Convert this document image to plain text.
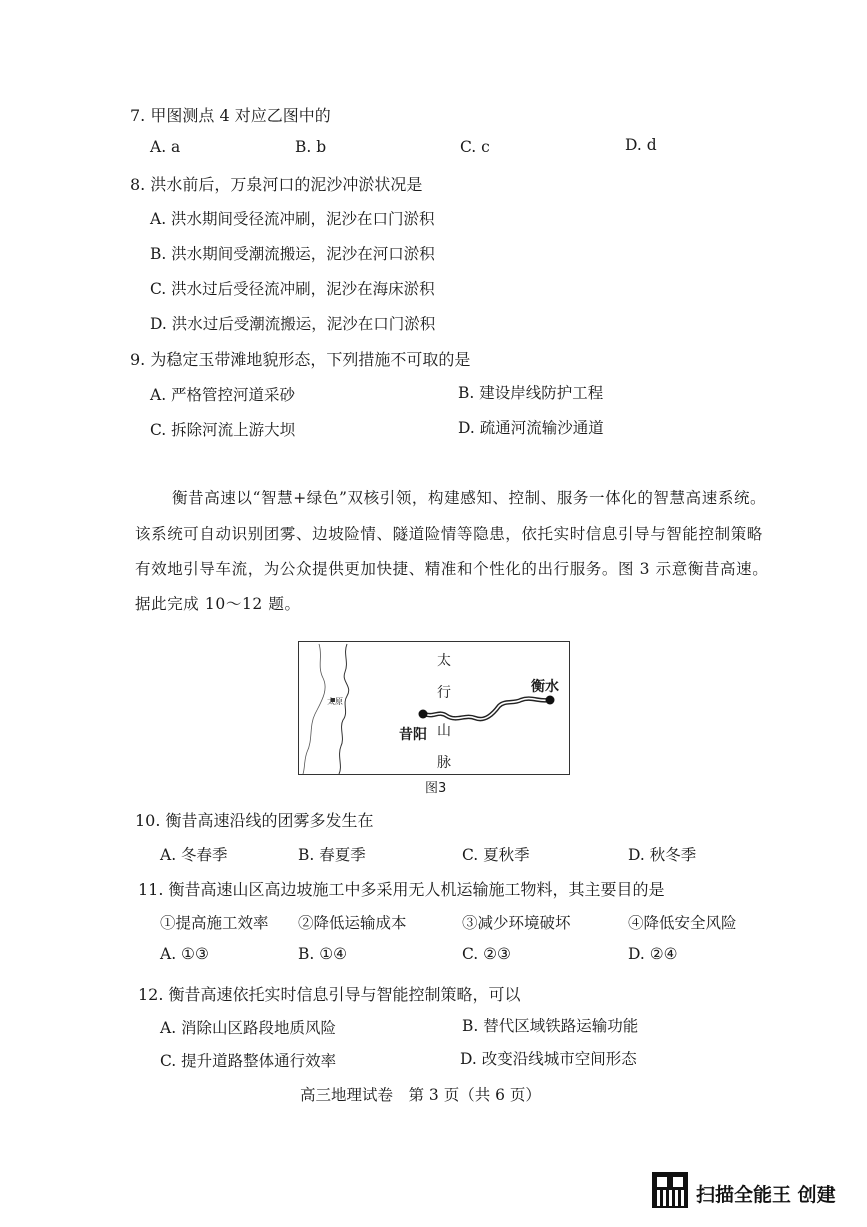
7. 甲图测点 4 对应乙图中的
A. a	B. b	C. c	D. d
8. 洪水前后，万泉河口的泥沙冲淤状况是
A. 洪水期间受径流冲刷，泥沙在口门淤积
B. 洪水期间受潮流搬运，泥沙在河口淤积
C. 洪水过后受径流冲刷，泥沙在海床淤积
D. 洪水过后受潮流搬运，泥沙在口门淤积
9. 为稳定玉带滩地貌形态，下列措施不可取的是
A. 严格管控河道采砂	B. 建设岸线防护工程
C. 拆除河流上游大坝	D. 疏通河流输沙通道
衡昔高速以“智慧+绿色”双核引领，构建感知、控制、服务一体化的智慧高速系统。
该系统可自动识别团雾、边坡险情、隧道险情等隐患，依托实时信息引导与智能控制策略
有效地引导车流，为公众提供更加快捷、精准和个性化的出行服务。图 3 示意衡昔高速。
据此完成 10～12 题。
太原
太
行
山
脉
昔阳
衡水
图3
10. 衡昔高速沿线的团雾多发生在
A. 冬春季	B. 春夏季	C. 夏秋季	D. 秋冬季
11. 衡昔高速山区高边坡施工中多采用无人机运输施工物料，其主要目的是
①提高施工效率 ②降低运输成本	③减少环境破坏	④降低安全风险
A. ①③	B. ①④	C. ②③	D. ②④
12. 衡昔高速依托实时信息引导与智能控制策略，可以
A. 消除山区路段地质风险	B. 替代区域铁路运输功能
C. 提升道路整体通行效率	D. 改变沿线城市空间形态
高三地理试卷　第 3 页（共 6 页）
扫描全能王 创建
